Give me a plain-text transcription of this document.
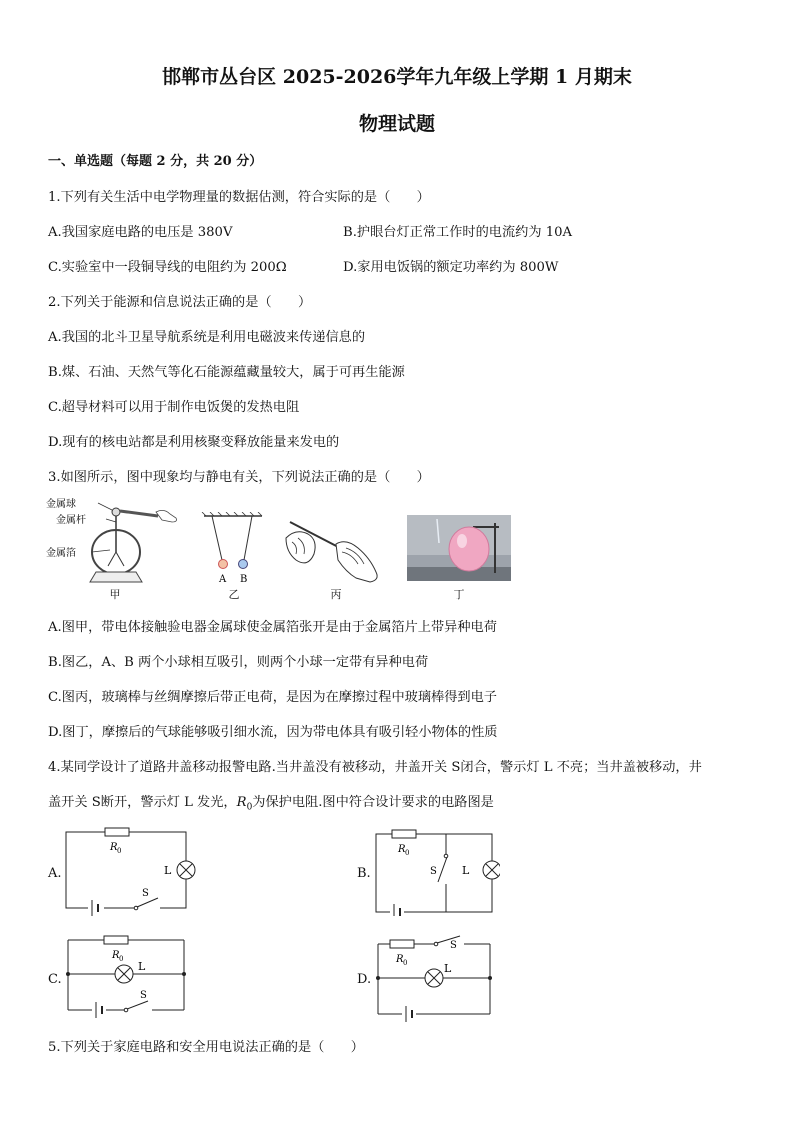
邯郸市丛台区 2025-2026学年九年级上学期 1 月期末
物理试题
一、单选题（每题 2 分，共 20 分）
1.下列有关生活中电学物理量的数据估测，符合实际的是（　　）
A.我国家庭电路的电压是 380V	B.护眼台灯正常工作时的电流约为 10A
C.实验室中一段铜导线的电阻约为 200Ω	D.家用电饭锅的额定功率约为 800W
2.下列关于能源和信息说法正确的是（　　）
A.我国的北斗卫星导航系统是利用电磁波来传递信息的
B.煤、石油、天然气等化石能源蕴藏量较大，属于可再生能源
C.超导材料可以用于制作电饭煲的发热电阻
D.现有的核电站都是利用核聚变释放能量来发电的
3.如图所示，图中现象均与静电有关，下列说法正确的是（　　）
金属球
金属杆
金属箔
甲
A B
乙	丙	丁
A.图甲，带电体接触验电器金属球使金属箔张开是由于金属箔片上带异种电荷
B.图乙，A、B 两个小球相互吸引，则两个小球一定带有异种电荷
C.图丙，玻璃棒与丝绸摩擦后带正电荷，是因为在摩擦过程中玻璃棒得到电子
D.图丁，摩擦后的气球能够吸引细水流，因为带电体具有吸引轻小物体的性质
4.某同学设计了道路井盖移动报警电路.当井盖没有被移动，井盖开关 S闭合，警示灯 L 不亮；当井盖被移动，井
盖开关 S断开，警示灯 L 发光，$R_0$为保护电阻.图中符合设计要求的电路图是
A.
R 0
L
S
B.
R 0
S L
C.
R 0
L
S
D.
R 0
S
L
5.下列关于家庭电路和安全用电说法正确的是（　　）
